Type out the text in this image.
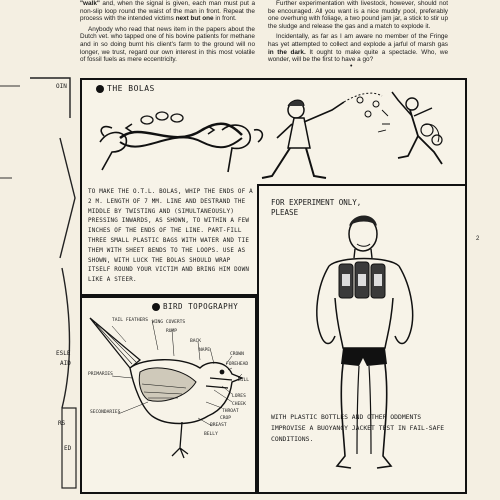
"walk" and, when the signal is given, each man must put a non-slip loop round the waist of the man in front. Repeat the process with the intended victims next but one in front.

Anybody who read that news item in the papers about the Dutch vet. who tapped one of his bovine patients for methane and in so doing burnt his client's farm to the ground will no longer, we trust, regard our own interest in this most volatile of fossil fuels as mere eccentricity.

Further experimentation with livestock, however, should not be encouraged. All you want is a nice muddy pool, preferably one overhung with foliage, a two pound jam jar, a stick to stir up the sludge and release the gas and a match to explode it.

Incidentally, as far as I am aware no member of the Fringe has yet attempted to collect and explode a jarful of marsh gas in the dark. It ought to make quite a spectacle. Who, we wonder, will be the first to have a go?

•
OIN
ESLE
AID
RS
ED
THE BOLAS
TO MAKE THE O.T.L. BOLAS, WHIP THE ENDS OF A 2 M. LENGTH OF 7 MM. LINE AND DESTRAND THE MIDDLE BY TWISTING AND (SIMULTANEOUSLY) PRESSING INWARDS, AS SHOWN, TO WITHIN A FEW INCHES OF THE ENDS OF THE LINE. PART-FILL THREE SMALL PLASTIC BAGS WITH WATER AND TIE THEM WITH SHEET BENDS TO THE LOOPS. USE AS SHOWN, WITH LUCK THE BOLAS SHOULD WRAP ITSELF ROUND YOUR VICTIM AND BRING HIM DOWN LIKE A STEER.
FOR EXPERIMENT ONLY, PLEASE
WITH PLASTIC BOTTLES AND OTHER ODDMENTS IMPROVISE A BUOYANCY JACKET TEST IN FAIL-SAFE CONDITIONS.
BIRD TOPOGRAPHY
TAIL FEATHERS WING COVERTS
RUMP
BACK
NAPE
CROWN
FOREHEAD
BILL
PRIMARIES
LORES
CHEEK
THROAT
CROP
BREAST
SECONDARIES
BELLY
2
